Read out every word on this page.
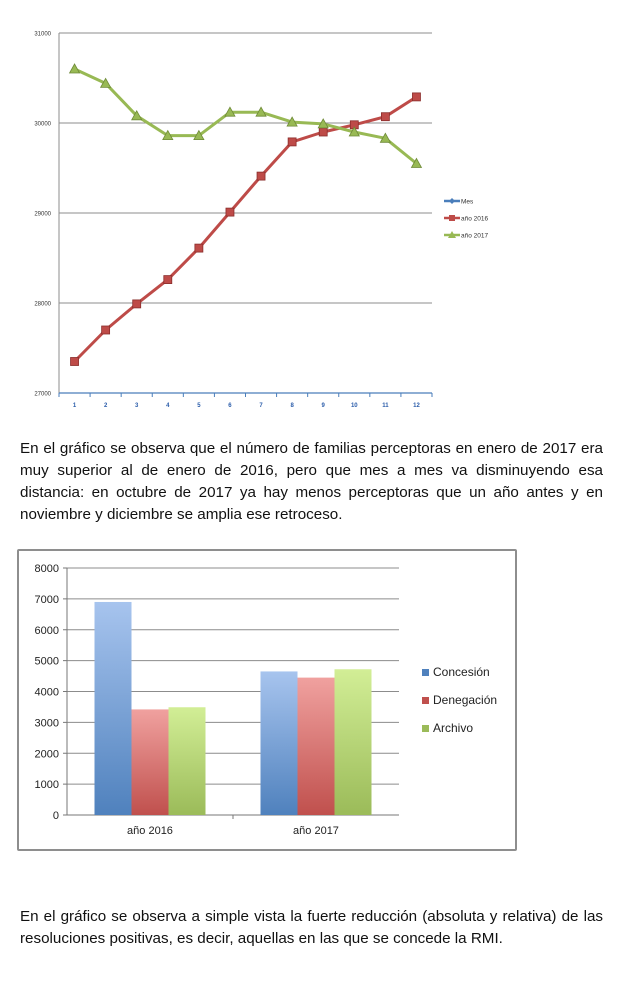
27000
28000
29000
30000
31000
1	2	3	4	5	6	7	8	9	10	11	12
Mes
año 2016
año 2017

En el gráfico se observa que el número de familias perceptoras en enero de 2017 era muy superior al de enero de 2016, pero que mes a mes va disminuyendo esa distancia: en octubre de 2017 ya hay menos perceptoras que un año antes y en noviembre y diciembre se amplia ese retroceso.

0
1000
2000
3000
4000
5000
6000
7000
8000
año 2016	año 2017
Concesión
Denegación
Archivo

En el gráfico se observa a simple vista la fuerte reducción (absoluta y relativa) de las resoluciones positivas, es decir, aquellas en las que se concede la RMI.
